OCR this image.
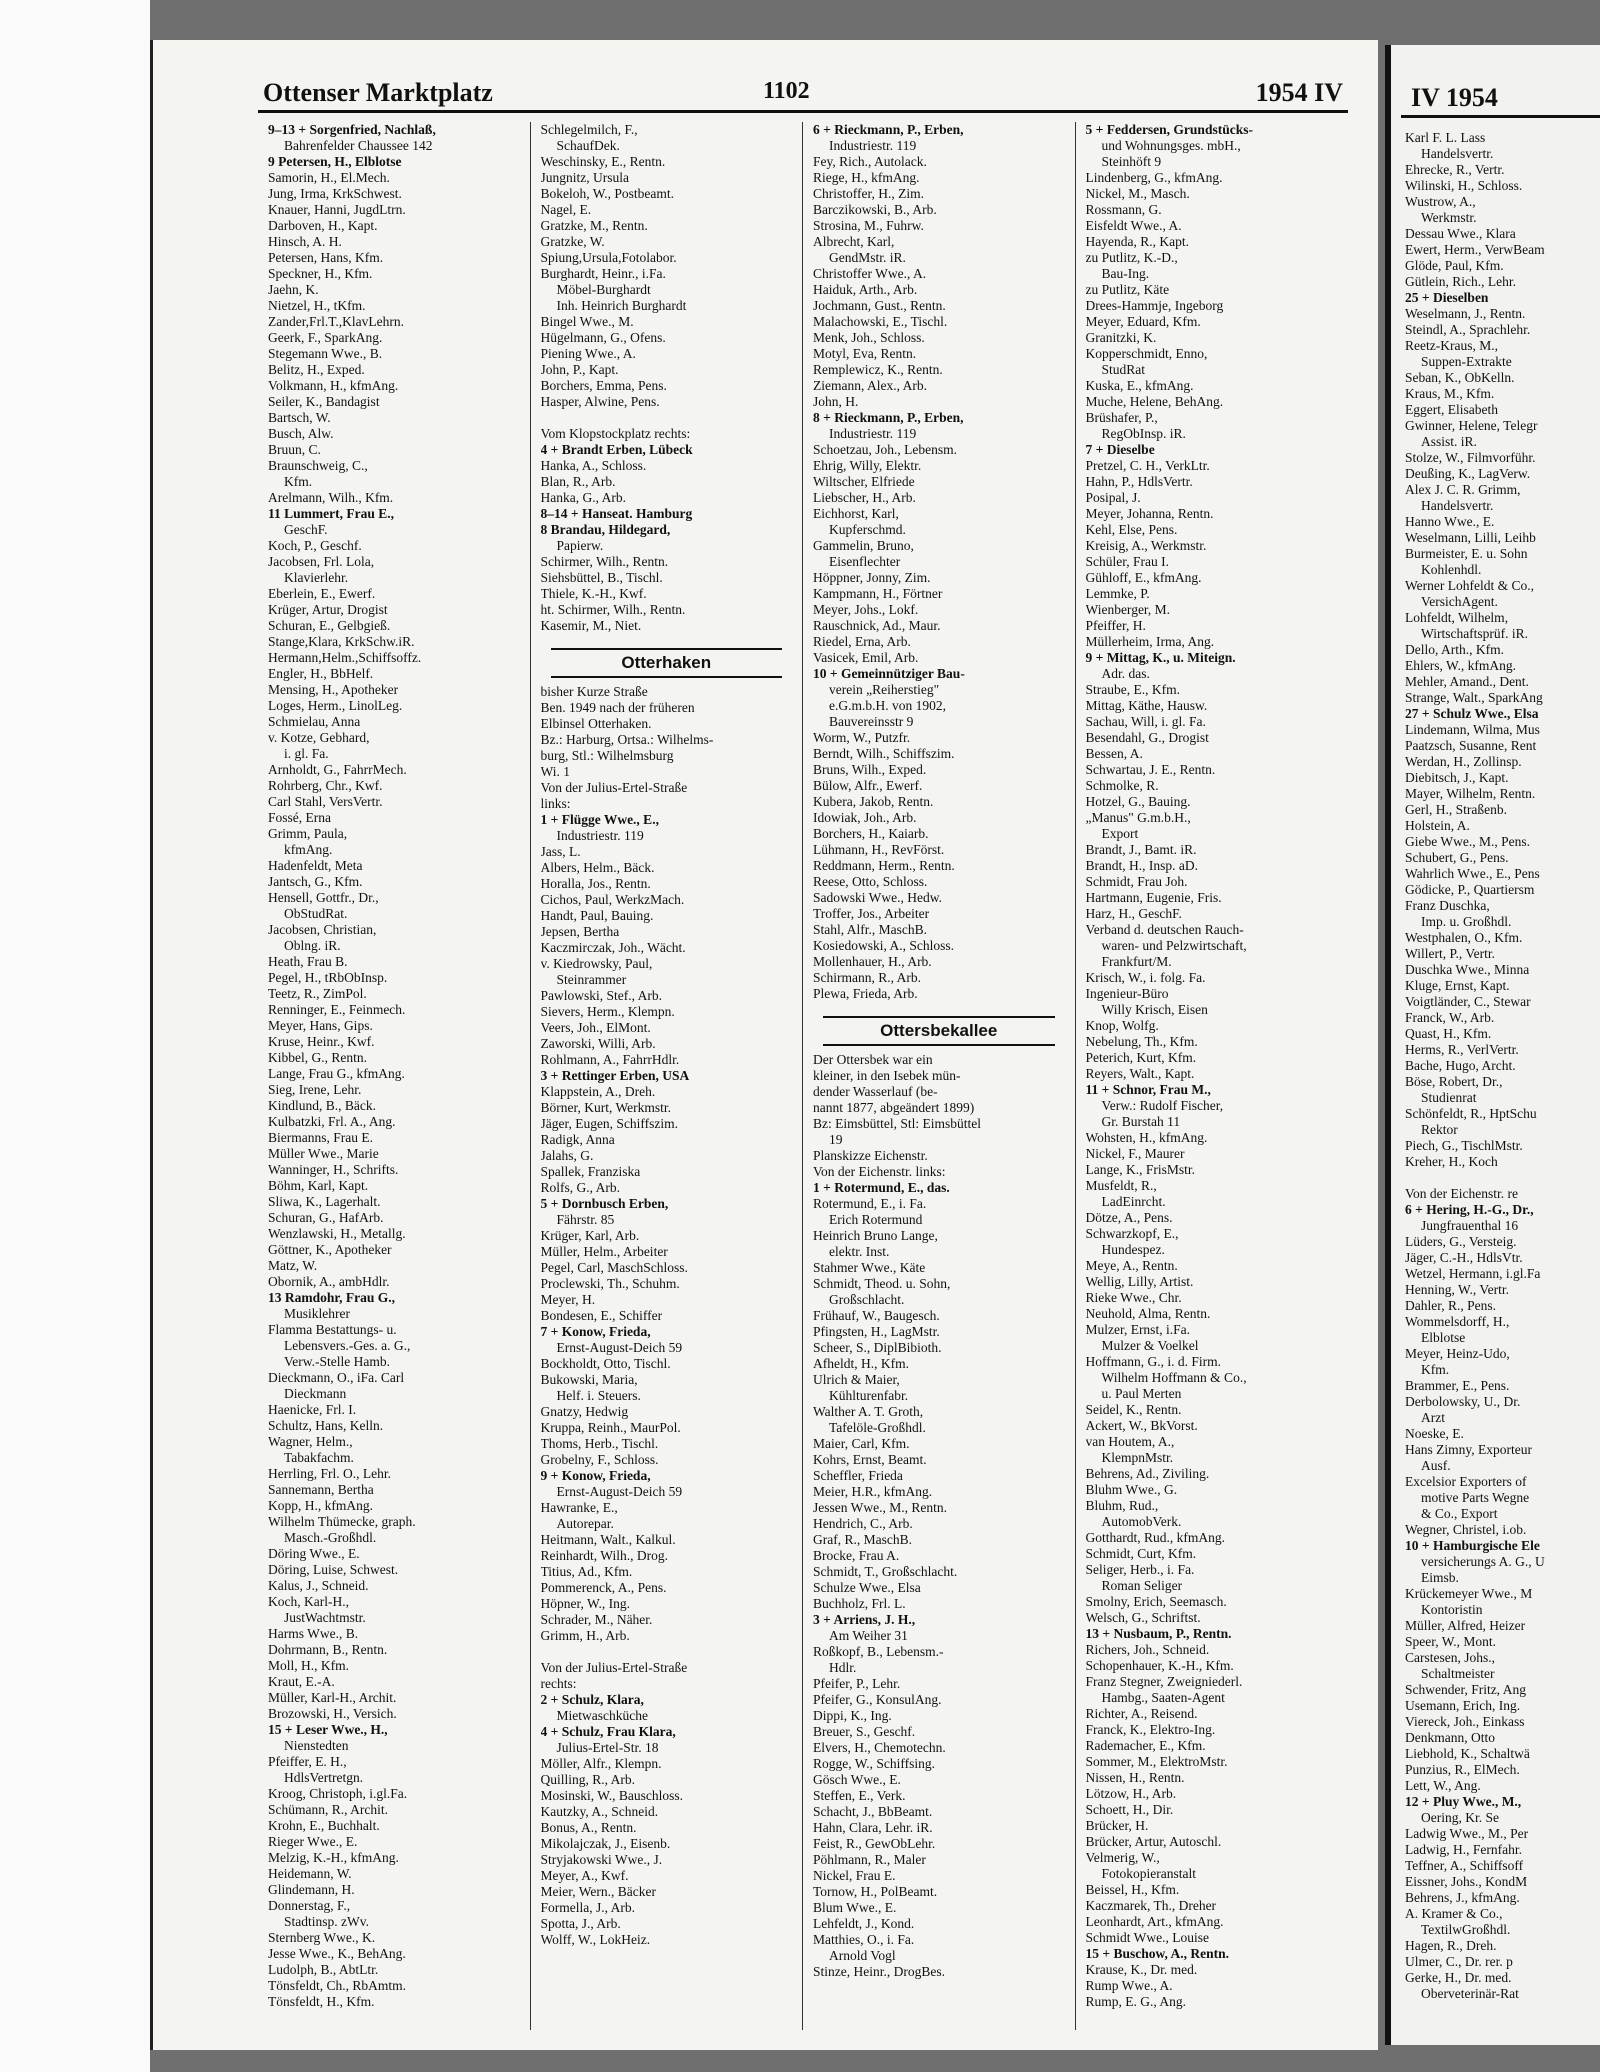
Ottenser Marktplatz	1102	1954 IV
9–13 + Sorgenfried, Nachlaß,
Bahrenfelder Chaussee 142
9 Petersen, H., Elblotse
Samorin, H., El.Mech.
Jung, Irma, KrkSchwest.
Knauer, Hanni, JugdLtrn.
Darboven, H., Kapt.
Hinsch, A. H.
Petersen, Hans, Kfm.
Speckner, H., Kfm.
Jaehn, K.
Nietzel, H., tKfm.
Zander,Frl.T.,KlavLehrn.
Geerk, F., SparkAng.
Stegemann Wwe., B.
Belitz, H., Exped.
Volkmann, H., kfmAng.
Seiler, K., Bandagist
Bartsch, W.
Busch, Alw.
Bruun, C.
Braunschweig, C.,
Kfm.
Arelmann, Wilh., Kfm.
11 Lummert, Frau E.,
GeschF.
Koch, P., Geschf.
Jacobsen, Frl. Lola,
Klavierlehr.
Eberlein, E., Ewerf.
Krüger, Artur, Drogist
Schuran, E., Gelbgieß.
Stange,Klara, KrkSchw.iR.
Hermann,Helm.,Schiffsoffz.
Engler, H., BbHelf.
Mensing, H., Apotheker
Loges, Herm., LinolLeg.
Schmielau, Anna
v. Kotze, Gebhard,
i. gl. Fa.
Arnholdt, G., FahrrMech.
Rohrberg, Chr., Kwf.
Carl Stahl, VersVertr.
Fossé, Erna
Grimm, Paula,
kfmAng.
Hadenfeldt, Meta
Jantsch, G., Kfm.
Hensell, Gottfr., Dr.,
ObStudRat.
Jacobsen, Christian,
Oblng. iR.
Heath, Frau B.
Pegel, H., tRbObInsp.
Teetz, R., ZimPol.
Renninger, E., Feinmech.
Meyer, Hans, Gips.
Kruse, Heinr., Kwf.
Kibbel, G., Rentn.
Lange, Frau G., kfmAng.
Sieg, Irene, Lehr.
Kindlund, B., Bäck.
Kulbatzki, Frl. A., Ang.
Biermanns, Frau E.
Müller Wwe., Marie
Wanninger, H., Schrifts.
Böhm, Karl, Kapt.
Sliwa, K., Lagerhalt.
Schuran, G., HafArb.
Wenzlawski, H., Metallg.
Göttner, K., Apotheker
Matz, W.
Obornik, A., ambHdlr.
13 Ramdohr, Frau G.,
Musiklehrer
Flamma Bestattungs- u.
Lebensvers.-Ges. a. G.,
Verw.-Stelle Hamb.
Dieckmann, O., iFa. Carl
Dieckmann
Haenicke, Frl. I.
Schultz, Hans, Kelln.
Wagner, Helm.,
Tabakfachm.
Herrling, Frl. O., Lehr.
Sannemann, Bertha
Kopp, H., kfmAng.
Wilhelm Thümecke, graph.
Masch.-Großhdl.
Döring Wwe., E.
Döring, Luise, Schwest.
Kalus, J., Schneid.
Koch, Karl-H.,
JustWachtmstr.
Harms Wwe., B.
Dohrmann, B., Rentn.
Moll, H., Kfm.
Kraut, E.-A.
Müller, Karl-H., Archit.
Brozowski, H., Versich.
15 + Leser Wwe., H.,
Nienstedten
Pfeiffer, E. H.,
HdlsVertretgn.
Kroog, Christoph, i.gl.Fa.
Schümann, R., Archit.
Krohn, E., Buchhalt.
Rieger Wwe., E.
Melzig, K.-H., kfmAng.
Heidemann, W.
Glindemann, H.
Donnerstag, F.,
Stadtinsp. zWv.
Sternberg Wwe., K.
Jesse Wwe., K., BehAng.
Ludolph, B., AbtLtr.
Tönsfeldt, Ch., RbAmtm.
Tönsfeldt, H., Kfm.
Schlegelmilch, F.,
SchaufDek.
Weschinsky, E., Rentn.
Jungnitz, Ursula
Bokeloh, W., Postbeamt.
Nagel, E.
Gratzke, M., Rentn.
Gratzke, W.
Spiung,Ursula,Fotolabor.
Burghardt, Heinr., i.Fa.
Möbel-Burghardt
Inh. Heinrich Burghardt
Bingel Wwe., M.
Hügelmann, G., Ofens.
Piening Wwe., A.
John, P., Kapt.
Borchers, Emma, Pens.
Hasper, Alwine, Pens.

Vom Klopstockplatz rechts:
4 + Brandt Erben, Lübeck
Hanka, A., Schloss.
Blan, R., Arb.
Hanka, G., Arb.
8–14 + Hanseat. Hamburg
8 Brandau, Hildegard,
Papierw.
Schirmer, Wilh., Rentn.
Siehsbüttel, B., Tischl.
Thiele, K.-H., Kwf.
ht. Schirmer, Wilh., Rentn.
Kasemir, M., Niet.
Otterhaken
bisher Kurze Straße
Ben. 1949 nach der früheren
Elbinsel Otterhaken.
Bz.: Harburg, Ortsa.: Wilhelms-
burg, Stl.: Wilhelmsburg
Wi. 1
Von der Julius-Ertel-Straße
links:
1 + Flügge Wwe., E.,
Industriestr. 119
Jass, L.
Albers, Helm., Bäck.
Horalla, Jos., Rentn.
Cichos, Paul, WerkzMach.
Handt, Paul, Bauing.
Jepsen, Bertha
Kaczmirczak, Joh., Wächt.
v. Kiedrowsky, Paul,
Steinrammer
Pawlowski, Stef., Arb.
Sievers, Herm., Klempn.
Veers, Joh., ElMont.
Zaworski, Willi, Arb.
Rohlmann, A., FahrrHdlr.
3 + Rettinger Erben, USA
Klappstein, A., Dreh.
Börner, Kurt, Werkmstr.
Jäger, Eugen, Schiffszim.
Radigk, Anna
Jalahs, G.
Spallek, Franziska
Rolfs, G., Arb.
5 + Dornbusch Erben,
Fährstr. 85
Krüger, Karl, Arb.
Müller, Helm., Arbeiter
Pegel, Carl, MaschSchloss.
Proclewski, Th., Schuhm.
Meyer, H.
Bondesen, E., Schiffer
7 + Konow, Frieda,
Ernst-August-Deich 59
Bockholdt, Otto, Tischl.
Bukowski, Maria,
Helf. i. Steuers.
Gnatzy, Hedwig
Kruppa, Reinh., MaurPol.
Thoms, Herb., Tischl.
Grobelny, F., Schloss.
9 + Konow, Frieda,
Ernst-August-Deich 59
Hawranke, E.,
Autorepar.
Heitmann, Walt., Kalkul.
Reinhardt, Wilh., Drog.
Titius, Ad., Kfm.
Pommerenck, A., Pens.
Höpner, W., Ing.
Schrader, M., Näher.
Grimm, H., Arb.

Von der Julius-Ertel-Straße
rechts:
2 + Schulz, Klara,
Mietwaschküche
4 + Schulz, Frau Klara,
Julius-Ertel-Str. 18
Möller, Alfr., Klempn.
Quilling, R., Arb.
Mosinski, W., Bauschloss.
Kautzky, A., Schneid.
Bonus, A., Rentn.
Mikolajczak, J., Eisenb.
Stryjakowski Wwe., J.
Meyer, A., Kwf.
Meier, Wern., Bäcker
Formella, J., Arb.
Spotta, J., Arb.
Wolff, W., LokHeiz.
6 + Rieckmann, P., Erben,
Industriestr. 119
Fey, Rich., Autolack.
Riege, H., kfmAng.
Christoffer, H., Zim.
Barczikowski, B., Arb.
Strosina, M., Fuhrw.
Albrecht, Karl,
GendMstr. iR.
Christoffer Wwe., A.
Haiduk, Arth., Arb.
Jochmann, Gust., Rentn.
Malachowski, E., Tischl.
Menk, Joh., Schloss.
Motyl, Eva, Rentn.
Remplewicz, K., Rentn.
Ziemann, Alex., Arb.
John, H.
8 + Rieckmann, P., Erben,
Industriestr. 119
Schoetzau, Joh., Lebensm.
Ehrig, Willy, Elektr.
Wiltscher, Elfriede
Liebscher, H., Arb.
Eichhorst, Karl,
Kupferschmd.
Gammelin, Bruno,
Eisenflechter
Höppner, Jonny, Zim.
Kampmann, H., Förtner
Meyer, Johs., Lokf.
Rauschnick, Ad., Maur.
Riedel, Erna, Arb.
Vasicek, Emil, Arb.
10 + Gemeinnütziger Bau-
verein „Reiherstieg"
e.G.m.b.H. von 1902,
Bauvereinsstr 9
Worm, W., Putzfr.
Berndt, Wilh., Schiffszim.
Bruns, Wilh., Exped.
Bülow, Alfr., Ewerf.
Kubera, Jakob, Rentn.
Idowiak, Joh., Arb.
Borchers, H., Kaiarb.
Lühmann, H., RevFörst.
Reddmann, Herm., Rentn.
Reese, Otto, Schloss.
Sadowski Wwe., Hedw.
Troffer, Jos., Arbeiter
Stahl, Alfr., MaschB.
Kosiedowski, A., Schloss.
Mollenhauer, H., Arb.
Schirmann, R., Arb.
Plewa, Frieda, Arb.
Ottersbekallee
Der Ottersbek war ein
kleiner, in den Isebek mün-
dender Wasserlauf (be-
nannt 1877, abgeändert 1899)
Bz: Eimsbüttel, Stl: Eimsbüttel
19
Planskizze Eichenstr.
Von der Eichenstr. links:
1 + Rotermund, E., das.
Rotermund, E., i. Fa.
Erich Rotermund
Heinrich Bruno Lange,
elektr. Inst.
Stahmer Wwe., Käte
Schmidt, Theod. u. Sohn,
Großschlacht.
Frühauf, W., Baugesch.
Pfingsten, H., LagMstr.
Scheer, S., DiplBibioth.
Afheldt, H., Kfm.
Ulrich & Maier,
Kühlturenfabr.
Walther A. T. Groth,
Tafelöle-Großhdl.
Maier, Carl, Kfm.
Kohrs, Ernst, Beamt.
Scheffler, Frieda
Meier, H.R., kfmAng.
Jessen Wwe., M., Rentn.
Hendrich, C., Arb.
Graf, R., MaschB.
Brocke, Frau A.
Schmidt, T., Großschlacht.
Schulze Wwe., Elsa
Buchholz, Frl. L.
3 + Arriens, J. H.,
Am Weiher 31
Roßkopf, B., Lebensm.-
Hdlr.
Pfeifer, P., Lehr.
Pfeifer, G., KonsulAng.
Dippi, K., Ing.
Breuer, S., Geschf.
Elvers, H., Chemotechn.
Rogge, W., Schiffsing.
Gösch Wwe., E.
Steffen, E., Verk.
Schacht, J., BbBeamt.
Hahn, Clara, Lehr. iR.
Feist, R., GewObLehr.
Pöhlmann, R., Maler
Nickel, Frau E.
Tornow, H., PolBeamt.
Blum Wwe., E.
Lehfeldt, J., Kond.
Matthies, O., i. Fa.
Arnold Vogl
Stinze, Heinr., DrogBes.
5 + Feddersen, Grundstücks-
und Wohnungsges. mbH.,
Steinhöft 9
Lindenberg, G., kfmAng.
Nickel, M., Masch.
Rossmann, G.
Eisfeldt Wwe., A.
Hayenda, R., Kapt.
zu Putlitz, K.-D.,
Bau-Ing.
zu Putlitz, Käte
Drees-Hammje, Ingeborg
Meyer, Eduard, Kfm.
Granitzki, K.
Kopperschmidt, Enno,
StudRat
Kuska, E., kfmAng.
Muche, Helene, BehAng.
Brüshafer, P.,
RegObInsp. iR.
7 + Dieselbe
Pretzel, C. H., VerkLtr.
Hahn, P., HdlsVertr.
Posipal, J.
Meyer, Johanna, Rentn.
Kehl, Else, Pens.
Kreisig, A., Werkmstr.
Schüler, Frau I.
Gühloff, E., kfmAng.
Lemmke, P.
Wienberger, M.
Pfeiffer, H.
Müllerheim, Irma, Ang.
9 + Mittag, K., u. Miteign.
Adr. das.
Straube, E., Kfm.
Mittag, Käthe, Hausw.
Sachau, Will, i. gl. Fa.
Besendahl, G., Drogist
Bessen, A.
Schwartau, J. E., Rentn.
Schmolke, R.
Hotzel, G., Bauing.
„Manus" G.m.b.H.,
Export
Brandt, J., Bamt. iR.
Brandt, H., Insp. aD.
Schmidt, Frau Joh.
Hartmann, Eugenie, Fris.
Harz, H., GeschF.
Verband d. deutschen Rauch-
waren- und Pelzwirtschaft,
Frankfurt/M.
Krisch, W., i. folg. Fa.
Ingenieur-Büro
Willy Krisch, Eisen
Knop, Wolfg.
Nebelung, Th., Kfm.
Peterich, Kurt, Kfm.
Reyers, Walt., Kapt.
11 + Schnor, Frau M.,
Verw.: Rudolf Fischer,
Gr. Burstah 11
Wohsten, H., kfmAng.
Nickel, F., Maurer
Lange, K., FrisMstr.
Musfeldt, R.,
LadEinrcht.
Dötze, A., Pens.
Schwarzkopf, E.,
Hundespez.
Meye, A., Rentn.
Wellig, Lilly, Artist.
Rieke Wwe., Chr.
Neuhold, Alma, Rentn.
Mulzer, Ernst, i.Fa.
Mulzer & Voelkel
Hoffmann, G., i. d. Firm.
Wilhelm Hoffmann & Co.,
u. Paul Merten
Seidel, K., Rentn.
Ackert, W., BkVorst.
van Houtem, A.,
KlempnMstr.
Behrens, Ad., Ziviling.
Bluhm Wwe., G.
Bluhm, Rud.,
AutomobVerk.
Gotthardt, Rud., kfmAng.
Schmidt, Curt, Kfm.
Seliger, Herb., i. Fa.
Roman Seliger
Smolny, Erich, Seemasch.
Welsch, G., Schriftst.
13 + Nusbaum, P., Rentn.
Richers, Joh., Schneid.
Schopenhauer, K.-H., Kfm.
Franz Stegner, Zweigniederl.
Hambg., Saaten-Agent
Richter, A., Reisend.
Franck, K., Elektro-Ing.
Rademacher, E., Kfm.
Sommer, M., ElektroMstr.
Nissen, H., Rentn.
Lötzow, H., Arb.
Schoett, H., Dir.
Brücker, H.
Brücker, Artur, Autoschl.
Velmerig, W.,
Fotokopieranstalt
Beissel, H., Kfm.
Kaczmarek, Th., Dreher
Leonhardt, Art., kfmAng.
Schmidt Wwe., Louise
15 + Buschow, A., Rentn.
Krause, K., Dr. med.
Rump Wwe., A.
Rump, E. G., Ang.
IV 1954
Karl F. L. Lass
Handelsvertr.
Ehrecke, R., Vertr.
Wilinski, H., Schloss.
Wustrow, A.,
Werkmstr.
Dessau Wwe., Klara
Ewert, Herm., VerwBeam
Glöde, Paul, Kfm.
Gütlein, Rich., Lehr.
25 + Dieselben
Weselmann, J., Rentn.
Steindl, A., Sprachlehr.
Reetz-Kraus, M.,
Suppen-Extrakte
Seban, K., ObKelln.
Kraus, M., Kfm.
Eggert, Elisabeth
Gwinner, Helene, Telegr
Assist. iR.
Stolze, W., Filmvorführ.
Deußing, K., LagVerw.
Alex J. C. R. Grimm,
Handelsvertr.
Hanno Wwe., E.
Weselmann, Lilli, Leihb
Burmeister, E. u. Sohn
Kohlenhdl.
Werner Lohfeldt & Co.,
VersichAgent.
Lohfeldt, Wilhelm,
Wirtschaftsprüf. iR.
Dello, Arth., Kfm.
Ehlers, W., kfmAng.
Mehler, Amand., Dent.
Strange, Walt., SparkAng
27 + Schulz Wwe., Elsa
Lindemann, Wilma, Mus
Paatzsch, Susanne, Rent
Werdan, H., Zollinsp.
Diebitsch, J., Kapt.
Mayer, Wilhelm, Rentn.
Gerl, H., Straßenb.
Holstein, A.
Giebe Wwe., M., Pens.
Schubert, G., Pens.
Wahrlich Wwe., E., Pens
Gödicke, P., Quartiersm
Franz Duschka,
Imp. u. Großhdl.
Westphalen, O., Kfm.
Willert, P., Vertr.
Duschka Wwe., Minna
Kluge, Ernst, Kapt.
Voigtländer, C., Stewar
Franck, W., Arb.
Quast, H., Kfm.
Herms, R., VerlVertr.
Bache, Hugo, Archt.
Böse, Robert, Dr.,
Studienrat
Schönfeldt, R., HptSchu
Rektor
Piech, G., TischlMstr.
Kreher, H., Koch

Von der Eichenstr. re
6 + Hering, H.-G., Dr.,
Jungfrauenthal 16
Lüders, G., Versteig.
Jäger, C.-H., HdlsVtr.
Wetzel, Hermann, i.gl.Fa
Henning, W., Vertr.
Dahler, R., Pens.
Wommelsdorff, H.,
Elblotse
Meyer, Heinz-Udo,
Kfm.
Brammer, E., Pens.
Derbolowsky, U., Dr.
Arzt
Noeske, E.
Hans Zimny, Exporteur
Ausf.
Excelsior Exporters of
motive Parts Wegne
& Co., Export
Wegner, Christel, i.ob.
10 + Hamburgische Ele
versicherungs A. G., U
Eimsb.
Krückemeyer Wwe., M
Kontoristin
Müller, Alfred, Heizer
Speer, W., Mont.
Carstesen, Johs.,
Schaltmeister
Schwender, Fritz, Ang
Usemann, Erich, Ing.
Viereck, Joh., Einkass
Denkmann, Otto
Liebhold, K., Schaltwä
Punzius, R., ElMech.
Lett, W., Ang.
12 + Pluy Wwe., M.,
Oering, Kr. Se
Ladwig Wwe., M., Per
Ladwig, H., Fernfahr.
Teffner, A., Schiffsoff
Eissner, Johs., KondM
Behrens, J., kfmAng.
A. Kramer & Co.,
TextilwGroßhdl.
Hagen, R., Dreh.
Ulmer, C., Dr. rer. p
Gerke, H., Dr. med.
Oberveterinär-Rat
